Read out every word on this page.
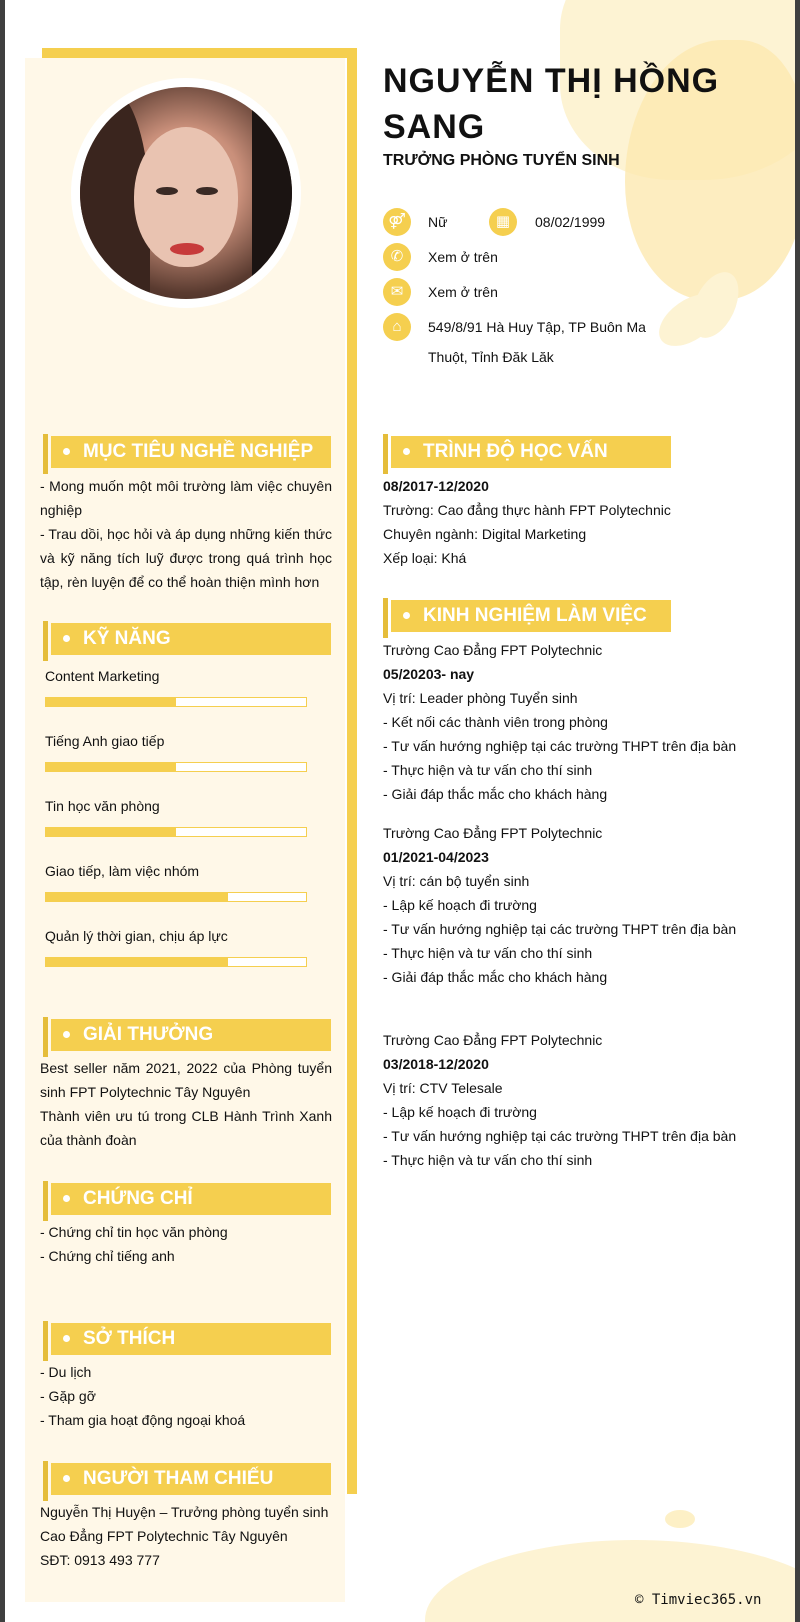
NGUYỄN THỊ HỒNG SANG
TRƯỞNG PHÒNG TUYỂN SINH
⚤	Nữ	▦	08/02/1999
✆	Xem ở trên
✉	Xem ở trên
⌂	549/8/91 Hà Huy Tập, TP Buôn Ma
Thuột, Tỉnh Đăk Lăk
MỤC TIÊU NGHỀ NGHIỆP

- Mong muốn một môi trường làm việc chuyên nghiệp

- Trau dồi, học hỏi và áp dụng những kiến thức và kỹ năng tích luỹ được trong quá trình học tập, rèn luyện để co thể hoàn thiện mình hơn

KỸ NĂNG
Content Marketing
Tiếng Anh giao tiếp
Tin học văn phòng
Giao tiếp, làm việc nhóm
Quản lý thời gian, chịu áp lực
GIẢI THƯỞNG

Best seller năm 2021, 2022 của Phòng tuyển sinh FPT Polytechnic Tây Nguyên

Thành viên ưu tú trong CLB Hành Trình Xanh của thành đoàn

CHỨNG CHỈ

- Chứng chỉ tin học văn phòng

- Chứng chỉ tiếng anh

SỞ THÍCH

- Du lịch

- Gặp gỡ

- Tham gia hoạt động ngoại khoá

NGƯỜI THAM CHIẾU

Nguyễn Thị Huyện – Trưởng phòng tuyển sinh

Cao Đẳng FPT Polytechnic Tây Nguyên

SĐT: 0913 493 777

TRÌNH ĐỘ HỌC VẤN

08/2017-12/2020

Trường: Cao đẳng thực hành FPT Polytechnic

Chuyên ngành: Digital Marketing

Xếp loại: Khá

KINH NGHIỆM LÀM VIỆC

Trường Cao Đẳng FPT Polytechnic

05/20203- nay

Vị trí: Leader phòng Tuyển sinh

- Kết nối các thành viên trong phòng

- Tư vấn hướng nghiệp tại các trường THPT trên địa bàn

- Thực hiện và tư vấn cho thí sinh

- Giải đáp thắc mắc cho khách hàng

Trường Cao Đẳng FPT Polytechnic

01/2021-04/2023

Vị trí: cán bộ tuyển sinh

- Lập kế hoạch đi trường

- Tư vấn hướng nghiệp tại các trường THPT trên địa bàn

- Thực hiện và tư vấn cho thí sinh

- Giải đáp thắc mắc cho khách hàng

Trường Cao Đẳng FPT Polytechnic

03/2018-12/2020

Vị trí: CTV Telesale

- Lập kế hoạch đi trường

- Tư vấn hướng nghiệp tại các trường THPT trên địa bàn

- Thực hiện và tư vấn cho thí sinh

© Timviec365.vn
